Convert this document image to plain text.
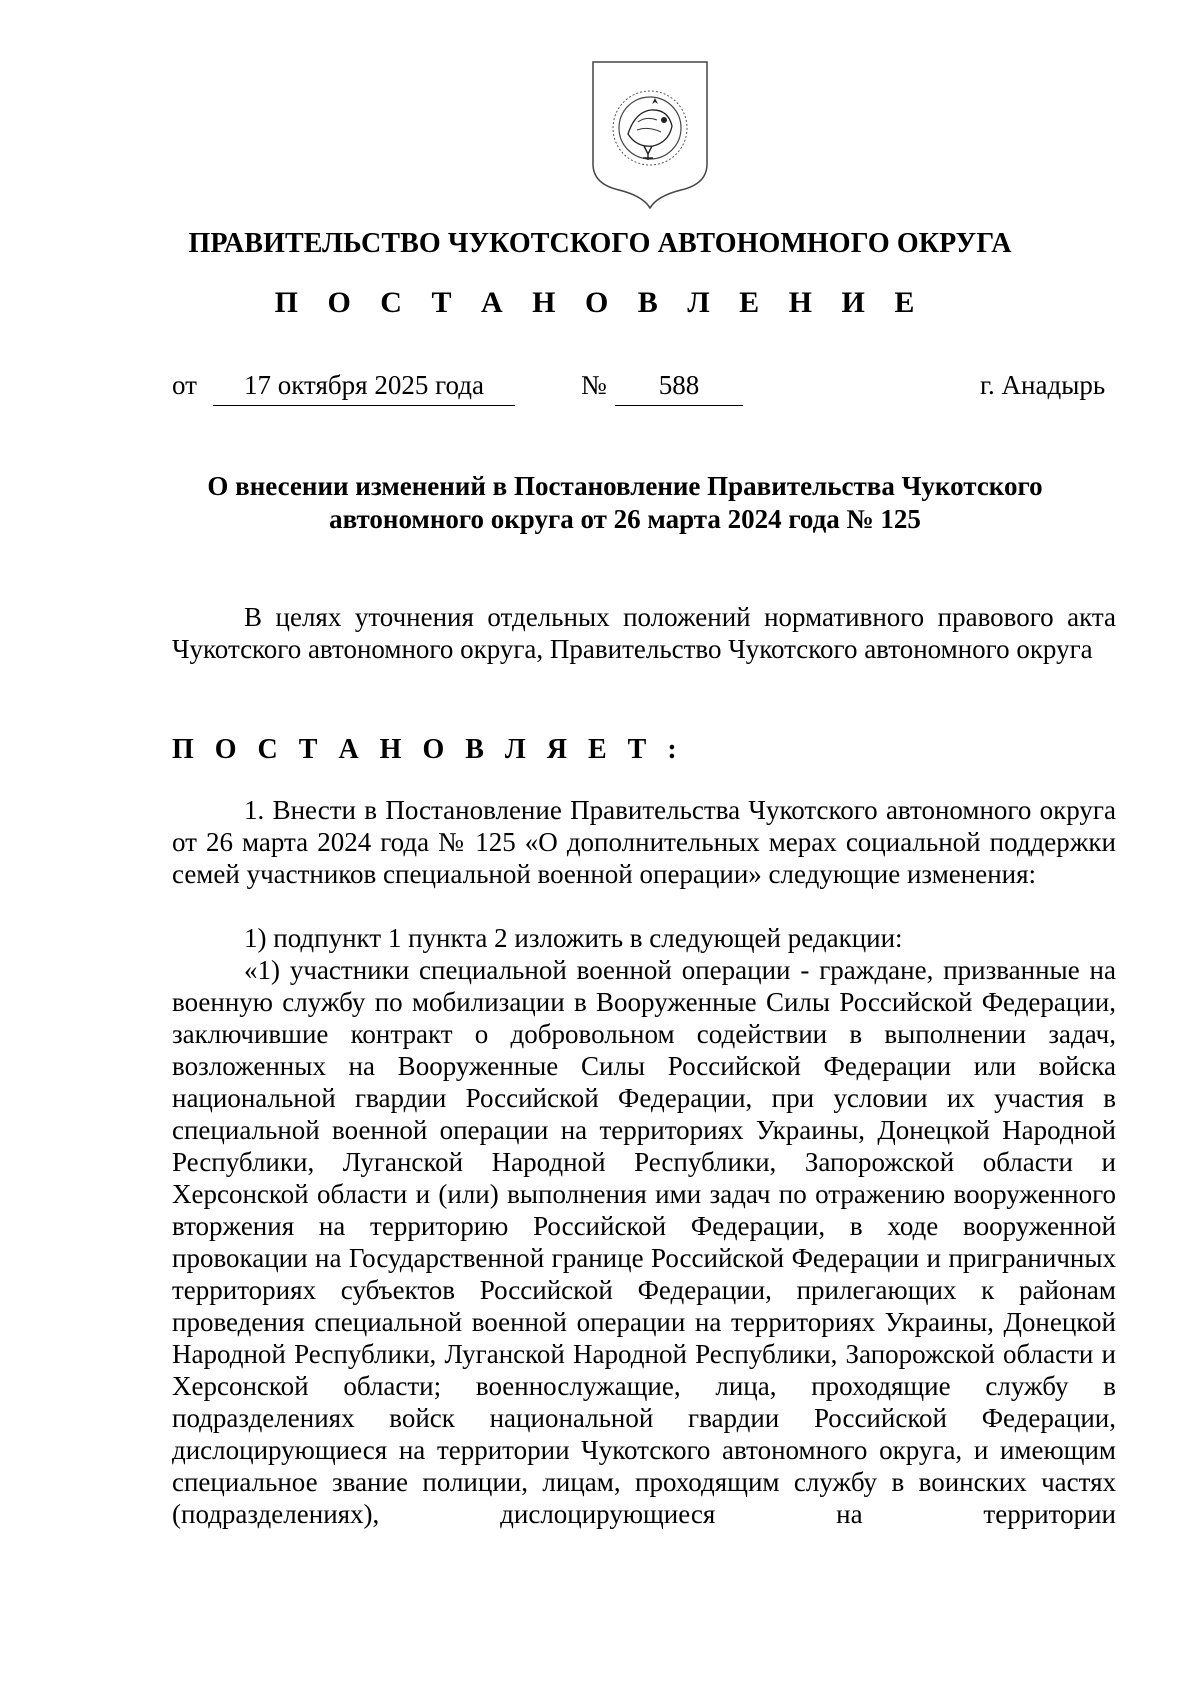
ПРАВИТЕЛЬСТВО ЧУКОТСКОГО АВТОНОМНОГО ОКРУГА
П О С Т А Н О В Л Е Н И Е
от	17 октября 2025 года	№	588	г. Анадырь
О внесении изменений в Постановление Правительства Чукотского автономного округа от 26 марта 2024 года № 125
В целях уточнения отдельных положений нормативного правового акта Чукотского автономного округа, Правительство Чукотского автономного округа
П О С Т А Н О В Л Я Е Т :
1. Внести в Постановление Правительства Чукотского автономного округа от 26 марта 2024 года № 125 «О дополнительных мерах социальной поддержки семей участников специальной военной операции» следующие изменения:
1) подпункт 1 пункта 2 изложить в следующей редакции:
«1) участники специальной военной операции - граждане, призванные на военную службу по мобилизации в Вооруженные Силы Российской Федерации, заключившие контракт о добровольном содействии в выполнении задач, возложенных на Вооруженные Силы Российской Федерации или войска национальной гвардии Российской Федерации, при условии их участия в специальной военной операции на территориях Украины, Донецкой Народной Республики, Луганской Народной Республики, Запорожской области и Херсонской области и (или) выполнения ими задач по отражению вооруженного вторжения на территорию Российской Федерации, в ходе вооруженной провокации на Государственной границе Российской Федерации и приграничных территориях субъектов Российской Федерации, прилегающих к районам проведения специальной военной операции на территориях Украины, Донецкой Народной Республики, Луганской Народной Республики, Запорожской области и Херсонской области; военнослужащие, лица, проходящие службу в подразделениях войск национальной гвардии Российской Федерации, дислоцирующиеся на территории Чукотского автономного округа, и имеющим специальное звание полиции, лицам, проходящим службу в воинских частях (подразделениях), дислоцирующиеся на территории
